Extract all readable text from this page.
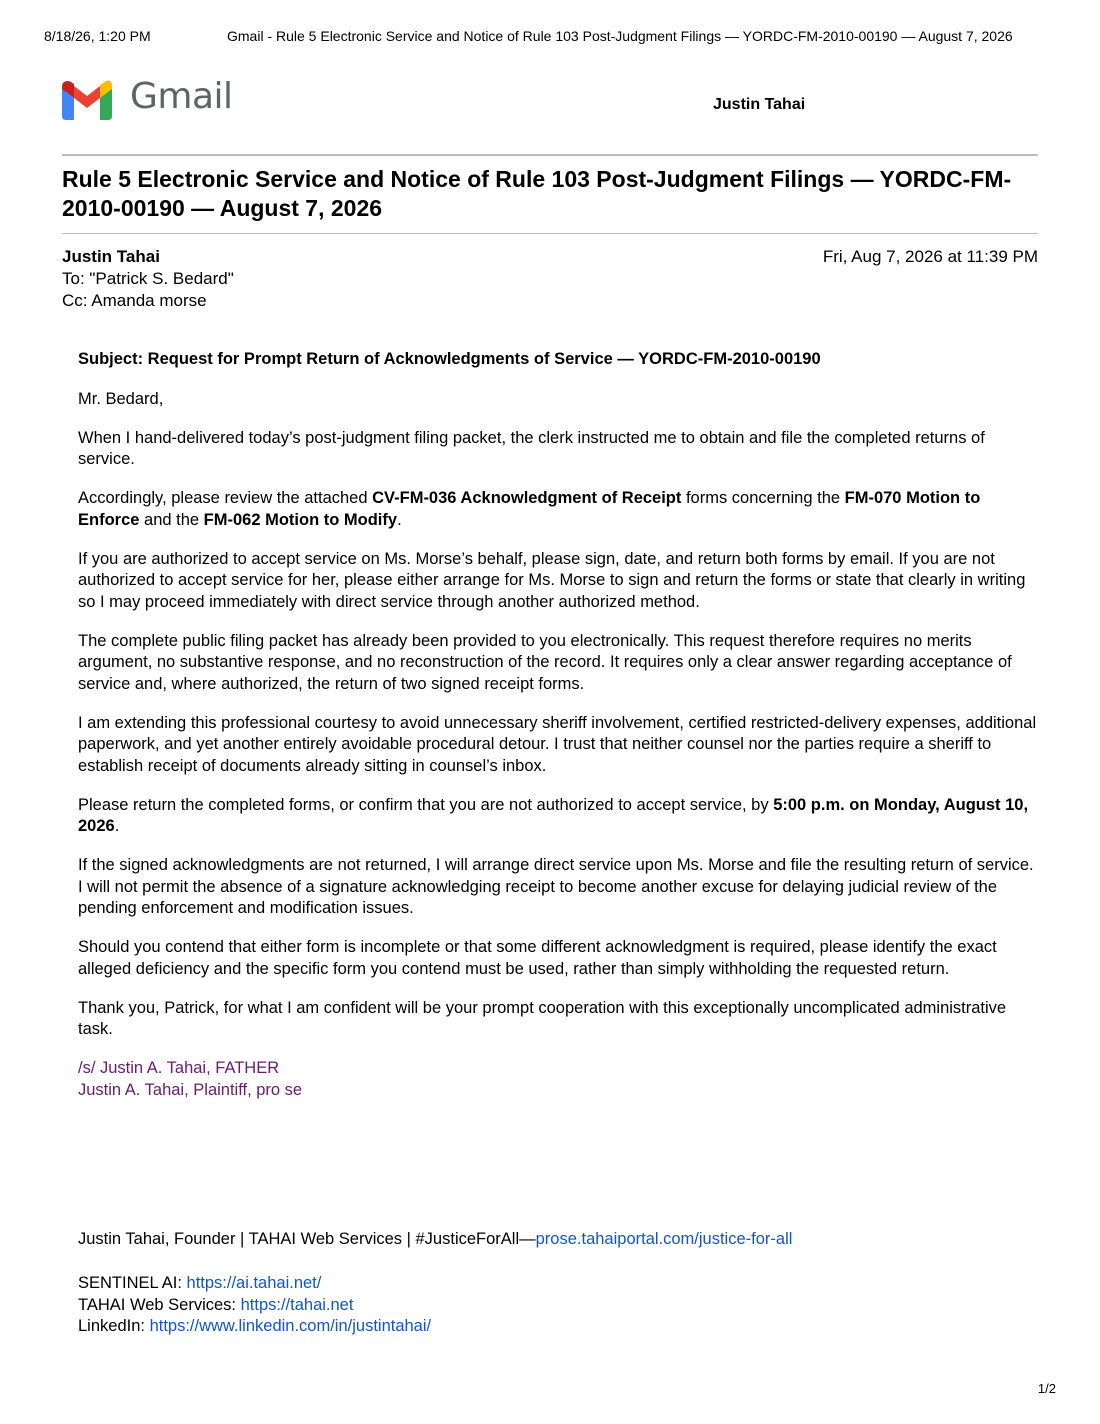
8/18/26, 1:20 PM	Gmail - Rule 5 Electronic Service and Notice of Rule 103 Post-Judgment Filings — YORDC-FM-2010-00190 — August 7, 2026
Gmail	Justin Tahai
Rule 5 Electronic Service and Notice of Rule 103 Post-Judgment Filings — YORDC-FM-2010-00190 — August 7, 2026
Justin Tahai
To: "Patrick S. Bedard"
Cc: Amanda morse
Fri, Aug 7, 2026 at 11:39 PM

Subject: Request for Prompt Return of Acknowledgments of Service — YORDC-FM-2010-00190

Mr. Bedard,

When I hand-delivered today’s post-judgment filing packet, the clerk instructed me to obtain and file the completed returns of service.

Accordingly, please review the attached CV-FM-036 Acknowledgment of Receipt forms concerning the FM-070 Motion to Enforce and the FM-062 Motion to Modify.

If you are authorized to accept service on Ms. Morse’s behalf, please sign, date, and return both forms by email. If you are not authorized to accept service for her, please either arrange for Ms. Morse to sign and return the forms or state that clearly in writing so I may proceed immediately with direct service through another authorized method.

The complete public filing packet has already been provided to you electronically. This request therefore requires no merits argument, no substantive response, and no reconstruction of the record. It requires only a clear answer regarding acceptance of service and, where authorized, the return of two signed receipt forms.

I am extending this professional courtesy to avoid unnecessary sheriff involvement, certified restricted-delivery expenses, additional paperwork, and yet another entirely avoidable procedural detour. I trust that neither counsel nor the parties require a sheriff to establish receipt of documents already sitting in counsel’s inbox.

Please return the completed forms, or confirm that you are not authorized to accept service, by 5:00 p.m. on Monday, August 10, 2026.

If the signed acknowledgments are not returned, I will arrange direct service upon Ms. Morse and file the resulting return of service. I will not permit the absence of a signature acknowledging receipt to become another excuse for delaying judicial review of the pending enforcement and modification issues.

Should you contend that either form is incomplete or that some different acknowledgment is required, please identify the exact alleged deficiency and the specific form you contend must be used, rather than simply withholding the requested return.

Thank you, Patrick, for what I am confident will be your prompt cooperation with this exceptionally uncomplicated administrative task.

/s/ Justin A. Tahai, FATHER
Justin A. Tahai, Plaintiff, pro se
Justin Tahai, Founder | TAHAI Web Services | #JusticeForAll—prose.tahaiportal.com/justice-for-all
SENTINEL AI: https://ai.tahai.net/
TAHAI Web Services: https://tahai.net
LinkedIn: https://www.linkedin.com/in/justintahai/
1/2
